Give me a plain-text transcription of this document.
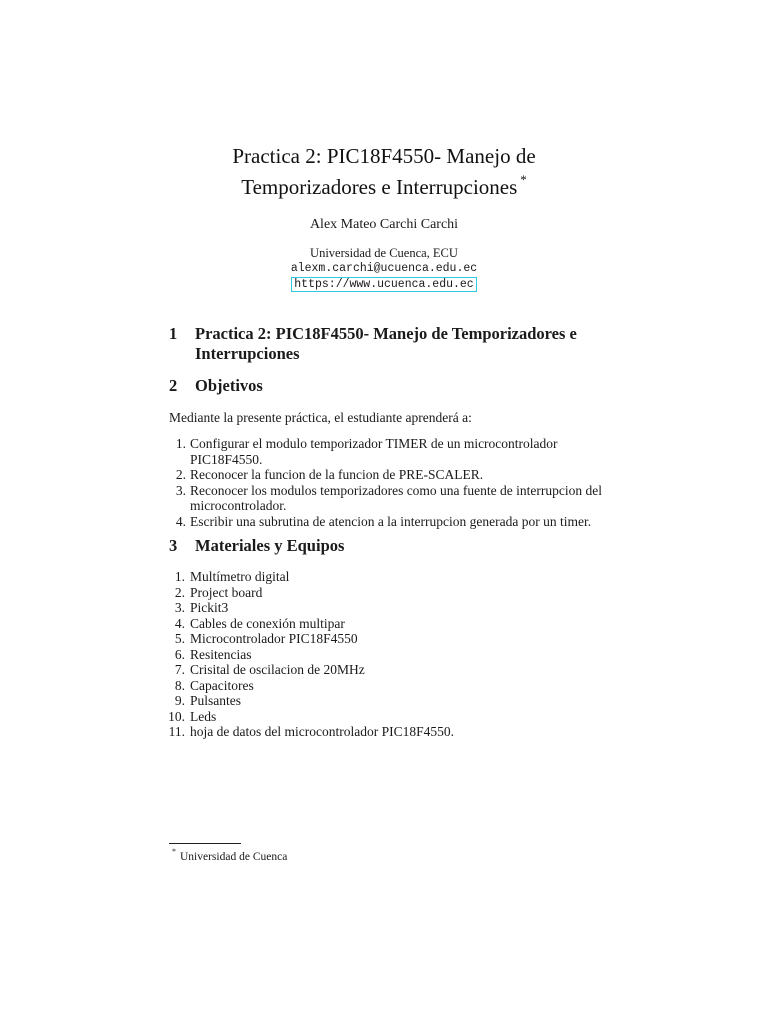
Practica 2: PIC18F4550- Manejo de
Temporizadores e Interrupciones *
Alex Mateo Carchi Carchi
Universidad de Cuenca, ECU
alexm.carchi@ucuenca.edu.ec
https://www.ucuenca.edu.ec
1 Practica 2: PIC18F4550- Manejo de Temporizadores e
Interrupciones
2 Objetivos
Mediante la presente práctica, el estudiante aprenderá a:
1. Configurar el modulo temporizador TIMER de un microcontrolador PIC18F4550.
2. Reconocer la funcion de la funcion de PRE-SCALER.
3. Reconocer los modulos temporizadores como una fuente de interrupcion del
microcontrolador.
4. Escribir una subrutina de atencion a la interrupcion generada por un timer.
3 Materiales y Equipos
1. Multímetro digital
2. Project board
3. Pickit3
4. Cables de conexión multipar
5. Microcontrolador PIC18F4550
6. Resitencias
7. Crisital de oscilacion de 20MHz
8. Capacitores
9. Pulsantes
10. Leds
11. hoja de datos del microcontrolador PIC18F4550.
* Universidad de Cuenca
